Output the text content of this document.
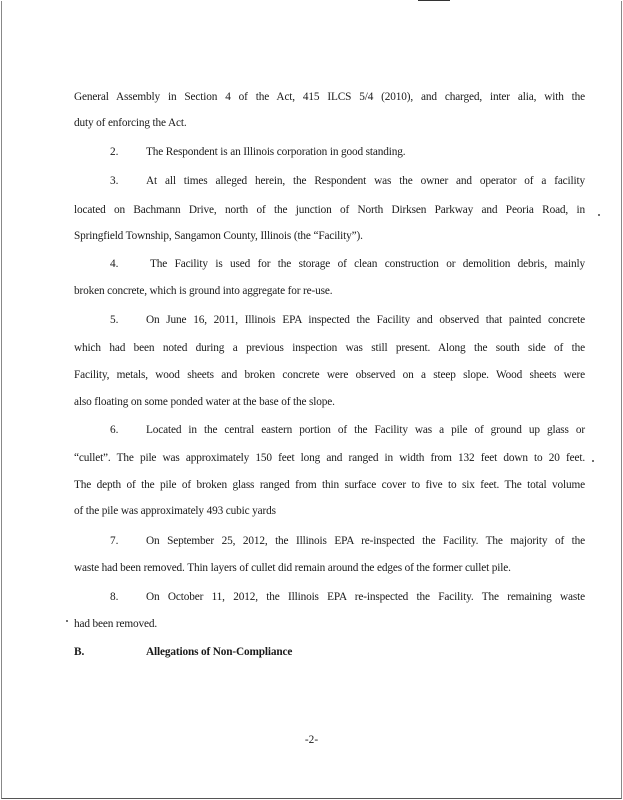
General Assembly in Section 4 of the Act, 415 ILCS 5/4 (2010), and charged, inter alia, with the
duty of enforcing the Act.
2. The Respondent is an Illinois corporation in good standing.
3. At all times alleged herein, the Respondent was the owner and operator of a facility
located on Bachmann Drive, north of the junction of North Dirksen Parkway and Peoria Road, in
Springfield Township, Sangamon County, Illinois (the “Facility”).
4.	The Facility is used for the storage of clean construction or demolition debris, mainly
broken concrete, which is ground into aggregate for re-use.
5. On June 16, 2011, Illinois EPA inspected the Facility and observed that painted concrete
which had been noted during a previous inspection was still present. Along the south side of the
Facility, metals, wood sheets and broken concrete were observed on a steep slope. Wood sheets were
also floating on some ponded water at the base of the slope.
6. Located in the central eastern portion of the Facility was a pile of ground up glass or
“cullet”. The pile was approximately 150 feet long and ranged in width from 132 feet down to 20 feet.
The depth of the pile of broken glass ranged from thin surface cover to five to six feet. The total volume
of the pile was approximately 493 cubic yards
7. On September 25, 2012, the Illinois EPA re-inspected the Facility. The majority of the
waste had been removed. Thin layers of cullet did remain around the edges of the former cullet pile.
8. On October 11, 2012, the Illinois EPA re-inspected the Facility. The remaining waste
had been removed.
B.	Allegations of Non-Compliance
-2-
